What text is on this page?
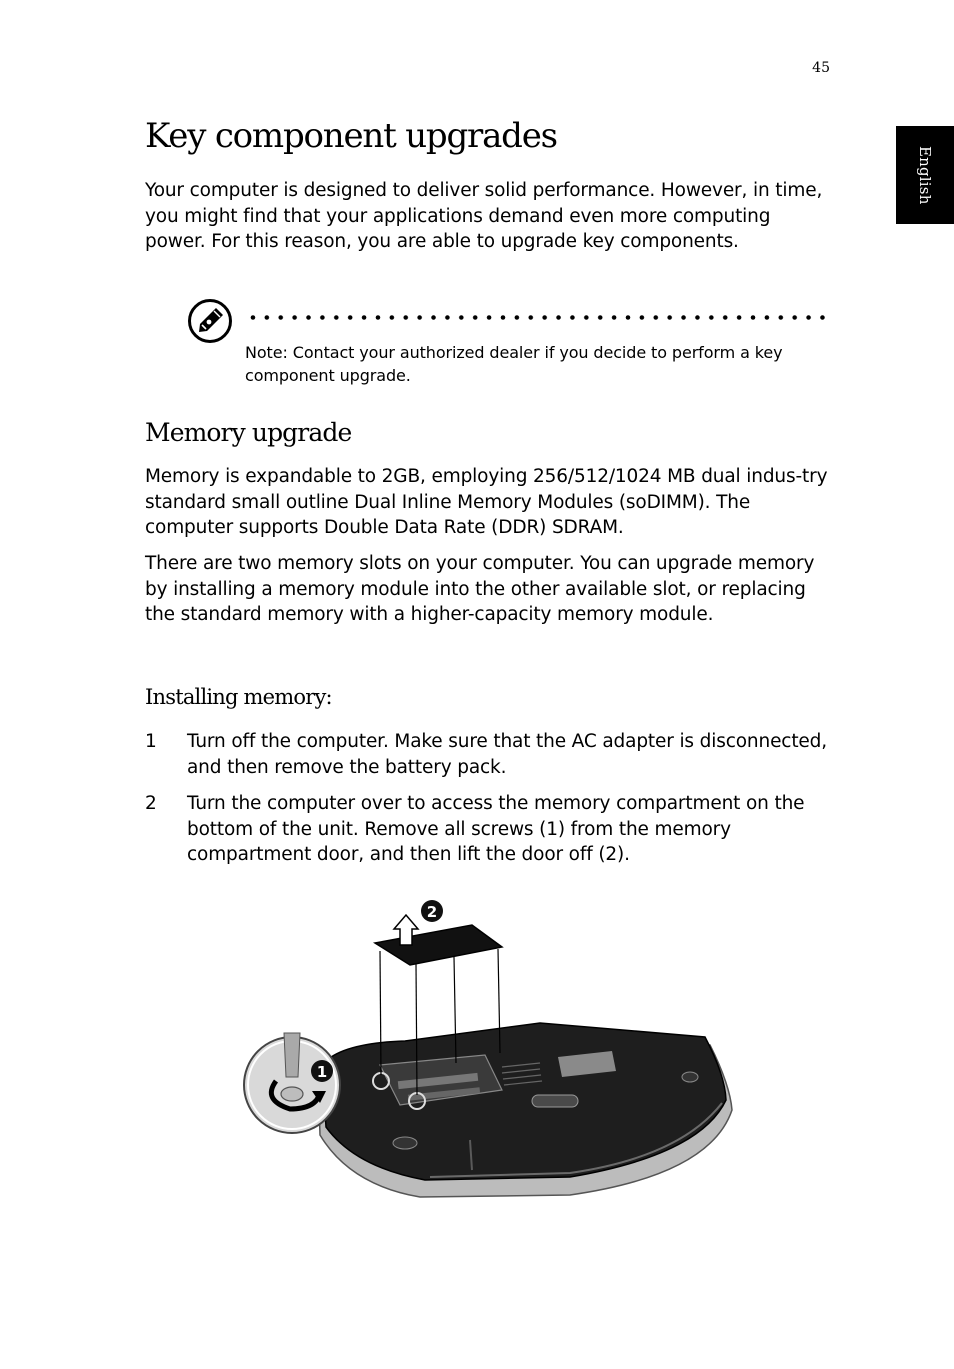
45
English
Key component upgrades

Your computer is designed to deliver solid performance. However, in time, you might find that your applications demand even more computing power. For this reason, you are able to upgrade key components.

Note: Contact your authorized dealer if you decide to perform a key component upgrade.

Memory upgrade

Memory is expandable to 2GB, employing 256/512/1024 MB dual indus-try standard small outline Dual Inline Memory Modules (soDIMM). The computer supports Double Data Rate (DDR) SDRAM.

There are two memory slots on your computer. You can upgrade memory by installing a memory module into the other available slot, or replacing the standard memory with a higher-capacity memory module.

Installing memory:
1 Turn off the computer. Make sure that the AC adapter is disconnected, and then remove the battery pack.

2 Turn the computer over to access the memory compartment on the bottom of the unit. Remove all screws (1) from the memory compartment door, and then lift the door off (2).

2
1
